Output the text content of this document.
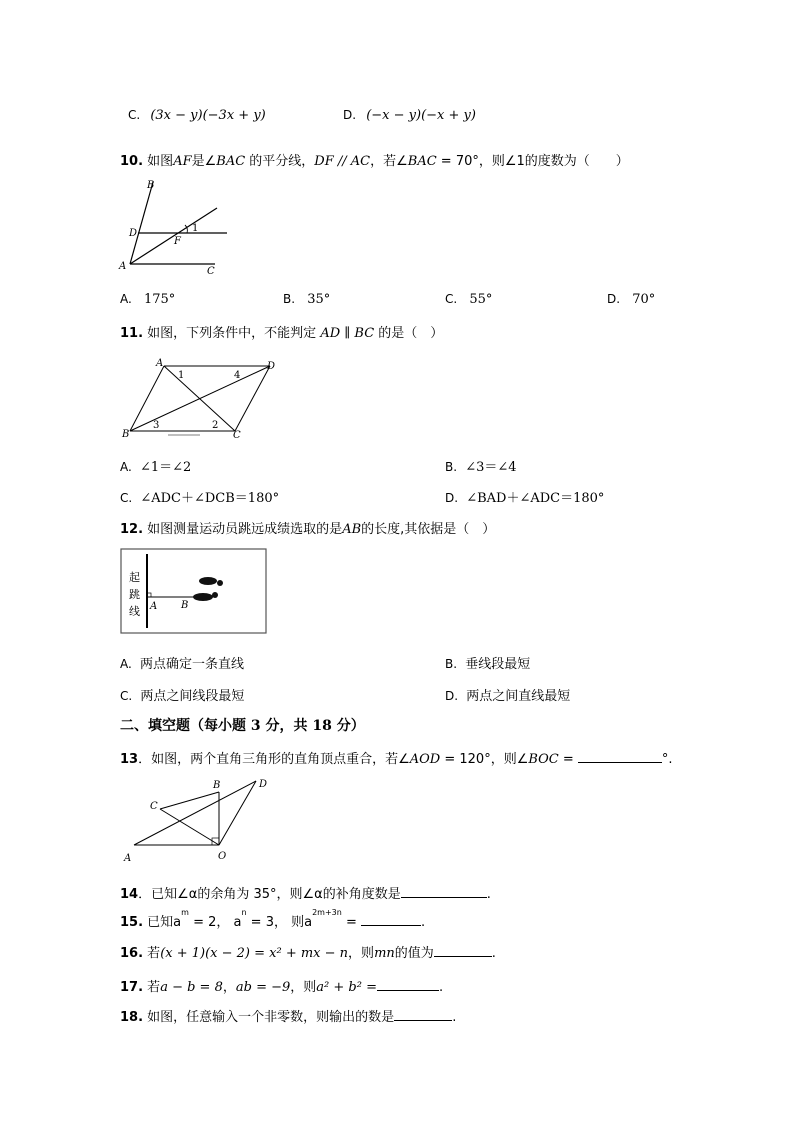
C. (3x − y)(−3x + y)	D. (−x − y)(−x + y)
10. 如图AF是∠BAC 的平分线，DF // AC，若∠BAC = 70°，则∠1的度数为（　　）
B
D
F
1
A	C
A. 175°	B. 35°	C. 55°	D. 70°
11. 如图，下列条件中，不能判定 AD ∥ BC 的是（　）
A	D
1	4
B	C
3	2
A. ∠1＝∠2	B. ∠3＝∠4
C. ∠ADC＋∠DCB＝180°	D. ∠BAD＋∠ADC＝180°
12. 如图测量运动员跳远成绩选取的是AB的长度,其依据是（　）
起
跳
线 A B
A. 两点确定一条直线	B. 垂线段最短
C. 两点之间线段最短	D. 两点之间直线最短
二、填空题（每小题 3 分，共 18 分）
13．如图，两个直角三角形的直角顶点重合，若∠AOD = 120°，则∠BOC =	°.
B	D
C
A	O
14．已知∠α的余角为 35°，则∠α的补角度数是	.
15. 已知$a^m = 2$， $a^n = 3$， 则$a^{2m+3n}$ =	.
16. 若(x + 1)(x − 2) = x² + mx − n，则mn的值为	.
17. 若a − b = 8，ab = −9，则a² + b² =	.
18. 如图，任意输入一个非零数，则输出的数是	.
